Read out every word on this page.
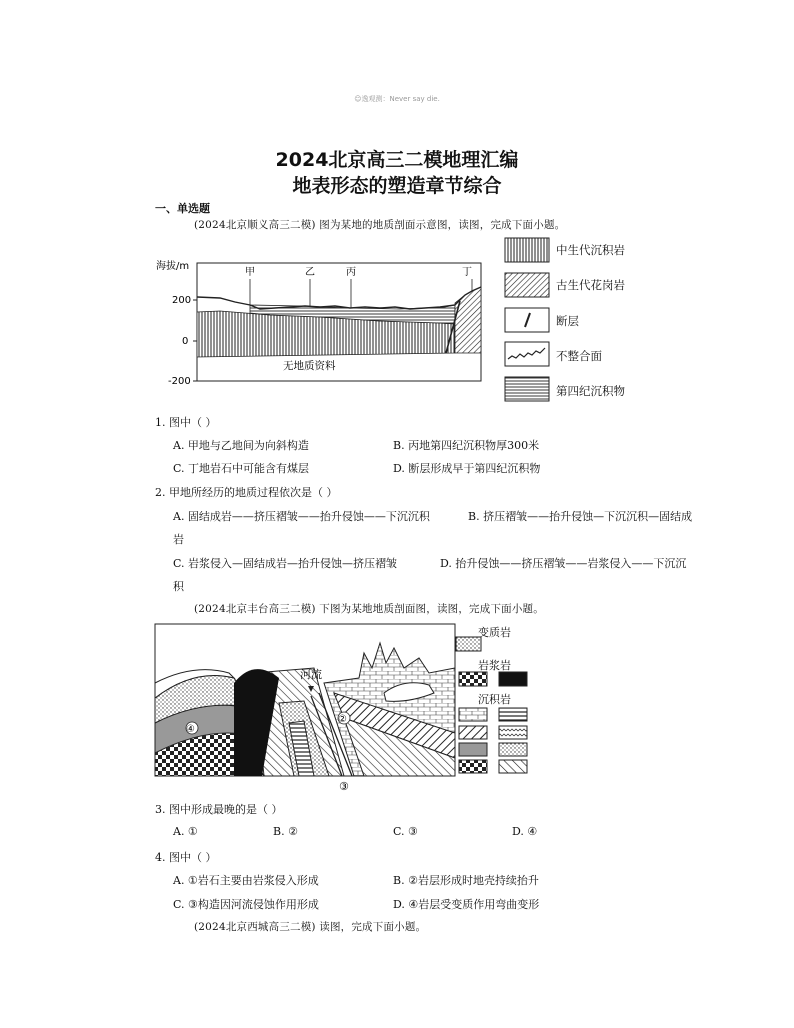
☺逸观测：Never say die.
2024北京高三二模地理汇编
地表形态的塑造章节综合
一、单选题
(2024北京顺义高三二模) 图为某地的地质剖面示意图，读图，完成下面小题。
海拔/m
200
0
-200
甲	乙	丙	丁
无地质资料
中生代沉积岩
古生代花岗岩
断层
不整合面
第四纪沉积物
1. 图中（ ）
A. 甲地与乙地间为向斜构造	B. 丙地第四纪沉积物厚300米
C. 丁地岩石中可能含有煤层	D. 断层形成早于第四纪沉积物
2. 甲地所经历的地质过程依次是（ ）
A. 固结成岩——挤压褶皱——抬升侵蚀——下沉沉积	B. 挤压褶皱——抬升侵蚀—下沉沉积—固结成
岩
C. 岩浆侵入—固结成岩—抬升侵蚀—挤压褶皱	D. 抬升侵蚀——挤压褶皱——岩浆侵入——下沉沉
积
(2024北京丰台高三二模) 下图为某地地质剖面图，读图，完成下面小题。
河流
②
④
③
变质岩
岩浆岩
沉积岩
3. 图中形成最晚的是（ ）
A. ①	B. ②	C. ③	D. ④
4. 图中（ ）
A. ①岩石主要由岩浆侵入形成	B. ②岩层形成时地壳持续抬升
C. ③构造因河流侵蚀作用形成	D. ④岩层受变质作用弯曲变形
(2024北京西城高三二模) 读图，完成下面小题。
